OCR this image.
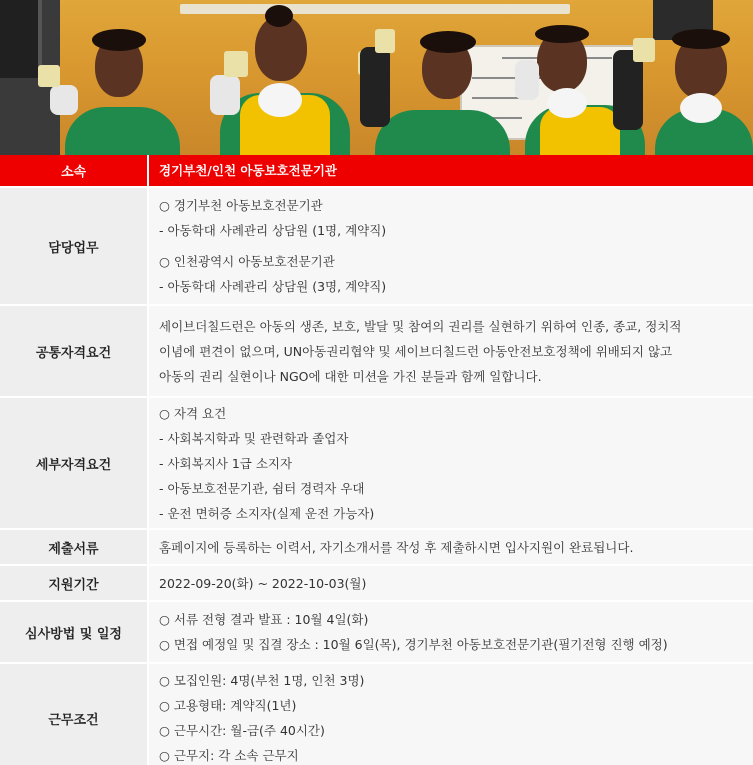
소속	경기부천/인천 아동보호전문기관
담당업무	○ 경기부천 아동보호전문기관
- 아동학대 사례관리 상담원 (1명, 계약직)
○ 인천광역시 아동보호전문기관
- 아동학대 사례관리 상담원 (3명, 계약직)

공통자격요건	세이브더칠드런은 아동의 생존, 보호, 발달 및 참여의 권리를 실현하기 위하여 인종, 종교, 정치적
이념에 편견이 없으며, UN아동권리협약 및 세이브더칠드런 아동안전보호정책에 위배되지 않고
아동의 권리 실현이나 NGO에 대한 미션을 가진 분들과 함께 일합니다.

세부자격요건	○ 자격 요건
- 사회복지학과 및 관련학과 졸업자
- 사회복지사 1급 소지자
- 아동보호전문기관, 쉼터 경력자 우대
- 운전 면허증 소지자(실제 운전 가능자)

제출서류	홈페이지에 등록하는 이력서, 자기소개서를 작성 후 제출하시면 입사지원이 완료됩니다.
지원기간	2022-09-20(화) ~ 2022-10-03(월)
심사방법 및 일정	○ 서류 전형 결과 발표 : 10월 4일(화)
○ 면접 예정일 및 집결 장소 : 10월 6일(목), 경기부천 아동보호전문기관(필기전형 진행 예정)

근무조건	○ 모집인원: 4명(부천 1명, 인천 3명)
○ 고용형태: 계약직(1년)
○ 근무시간: 월-금(주 40시간)
○ 근무지: 각 소속 근무지
